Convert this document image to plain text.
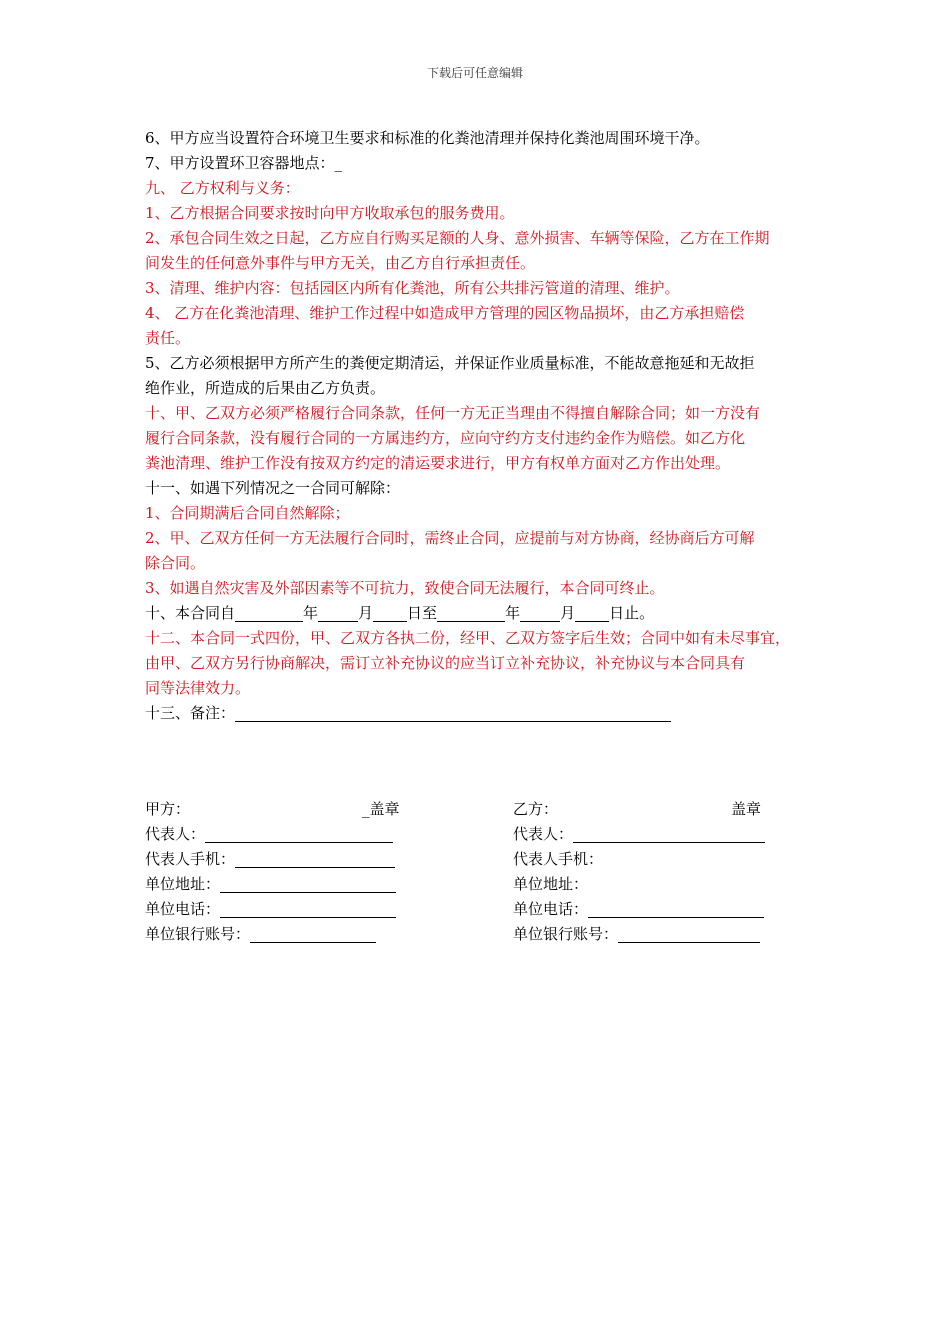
下载后可任意编辑
6、甲方应当设置符合环境卫生要求和标准的化粪池清理并保持化粪池周围环境干净。
7、甲方设置环卫容器地点：_
九、 乙方权利与义务：
1、乙方根据合同要求按时向甲方收取承包的服务费用。
2、承包合同生效之日起，乙方应自行购买足额的人身、意外损害、车辆等保险，乙方在工作期
间发生的任何意外事件与甲方无关，由乙方自行承担责任。
3、清理、维护内容：包括园区内所有化粪池，所有公共排污管道的清理、维护。
4、 乙方在化粪池清理、维护工作过程中如造成甲方管理的园区物品损坏，由乙方承担赔偿
责任。
5、乙方必须根据甲方所产生的粪便定期清运，并保证作业质量标准，不能故意拖延和无故拒
绝作业，所造成的后果由乙方负责。
十、甲、乙双方必须严格履行合同条款，任何一方无正当理由不得擅自解除合同；如一方没有
履行合同条款，没有履行合同的一方属违约方，应向守约方支付违约金作为赔偿。如乙方化
粪池清理、维护工作没有按双方约定的清运要求进行，甲方有权单方面对乙方作出处理。
十一、如遇下列情况之一合同可解除：
1、合同期满后合同自然解除；
2、甲、乙双方任何一方无法履行合同时，需终止合同，应提前与对方协商，经协商后方可解
除合同。
3、如遇自然灾害及外部因素等不可抗力，致使合同无法履行，本合同可终止。
十、本合同自	年	月 日至	年	月 日止。
十二、本合同一式四份，甲、乙双方各执二份，经甲、乙双方签字后生效；合同中如有未尽事宜，
由甲、乙双方另行协商解决，需订立补充协议的应当订立补充协议，补充协议与本合同具有
同等法律效力。
十三、备注：
甲方：	_盖章	乙方：	盖章
代表人：	代表人：
代表人手机：	代表人手机：
单位地址：	单位地址：
单位电话：	单位电话：
单位银行账号：	单位银行账号：
